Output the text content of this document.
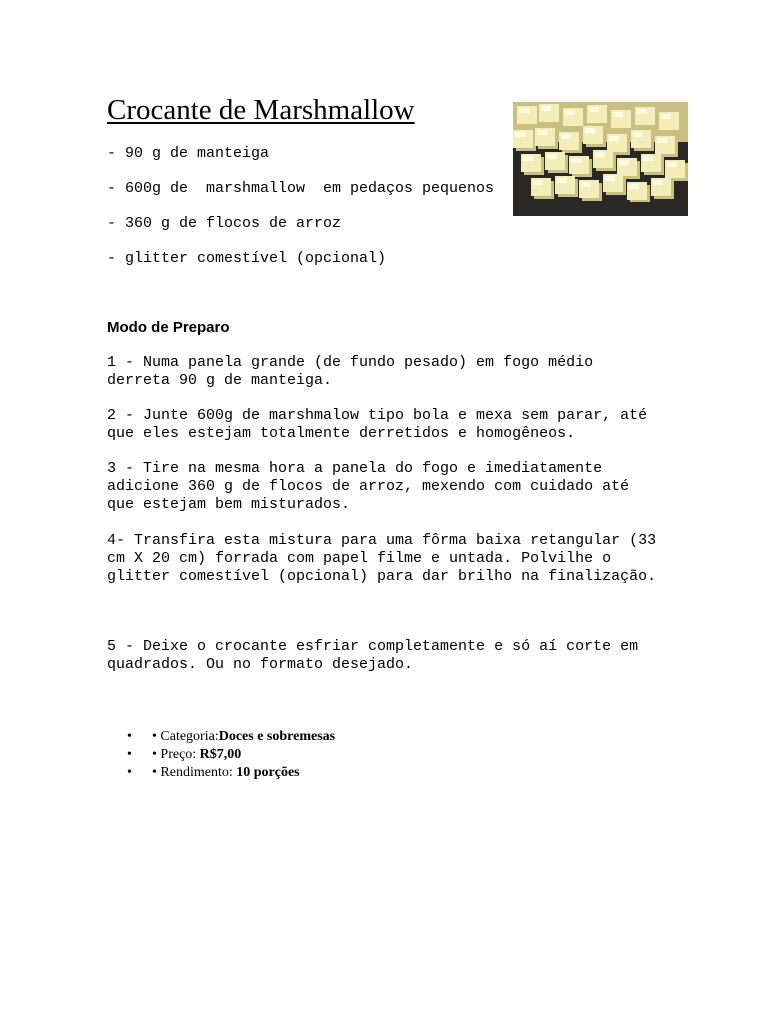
Crocante de Marshmallow

- 90 g de manteiga

- 600g de  marshmallow  em pedaços pequenos

- 360 g de flocos de arroz

- glitter comestível (opcional)

Modo de Preparo

1 - Numa panela grande (de fundo pesado) em fogo médio
derreta 90 g de manteiga.

2 - Junte 600g de marshmalow tipo bola e mexa sem parar, até
que eles estejam totalmente derretidos e homogêneos.

3 - Tire na mesma hora a panela do fogo e imediatamente
adicione 360 g de flocos de arroz, mexendo com cuidado até
que estejam bem misturados.

4- Transfira esta mistura para uma fôrma baixa retangular (33
cm X 20 cm) forrada com papel filme e untada. Polvilhe o
glitter comestível (opcional) para dar brilho na finalização.

5 - Deixe o crocante esfriar completamente e só aí corte em
quadrados. Ou no formato desejado.

• • Categoria:Doces e sobremesas
• • Preço: R$7,00
• • Rendimento: 10 porções
